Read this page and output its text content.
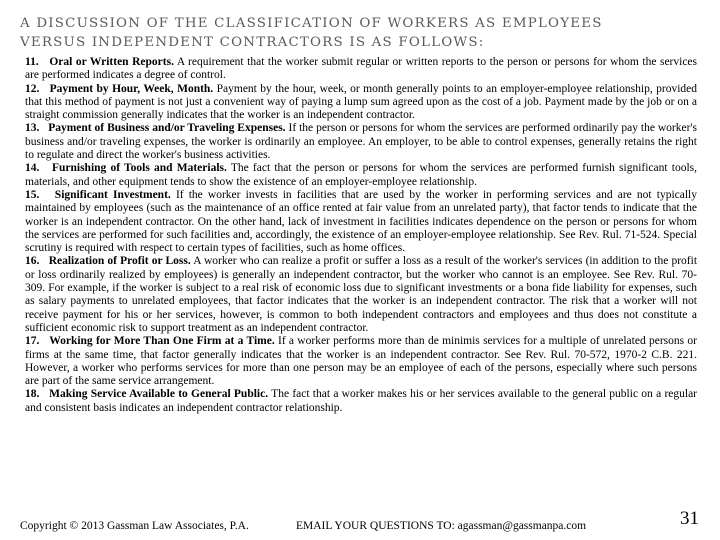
A DISCUSSION OF THE CLASSIFICATION OF WORKERS AS EMPLOYEES
VERSUS INDEPENDENT CONTRACTORS IS AS FOLLOWS:

11. Oral or Written Reports. A requirement that the worker submit regular or written reports to the person or persons for whom the services are performed indicates a degree of control.

12. Payment by Hour, Week, Month. Payment by the hour, week, or month generally points to an employer-employee relationship, provided that this method of payment is not just a convenient way of paying a lump sum agreed upon as the cost of a job. Payment made by the job or on a straight commission generally indicates that the worker is an independent contractor.

13. Payment of Business and/or Traveling Expenses. If the person or persons for whom the services are performed ordinarily pay the worker's business and/or traveling expenses, the worker is ordinarily an employee. An employer, to be able to control expenses, generally retains the right to regulate and direct the worker's business activities.

14. Furnishing of Tools and Materials. The fact that the person or persons for whom the services are performed furnish significant tools, materials, and other equipment tends to show the existence of an employer-employee relationship.

15. Significant Investment. If the worker invests in facilities that are used by the worker in performing services and are not typically maintained by employees (such as the maintenance of an office rented at fair value from an unrelated party), that factor tends to indicate that the worker is an independent contractor. On the other hand, lack of investment in facilities indicates dependence on the person or persons for whom the services are performed for such facilities and, accordingly, the existence of an employer-employee relationship. See Rev. Rul. 71-524. Special scrutiny is required with respect to certain types of facilities, such as home offices.

16. Realization of Profit or Loss. A worker who can realize a profit or suffer a loss as a result of the worker's services (in addition to the profit or loss ordinarily realized by employees) is generally an independent contractor, but the worker who cannot is an employee. See Rev. Rul. 70-309. For example, if the worker is subject to a real risk of economic loss due to significant investments or a bona fide liability for expenses, such as salary payments to unrelated employees, that factor indicates that the worker is an independent contractor. The risk that a worker will not receive payment for his or her services, however, is common to both independent contractors and employees and thus does not constitute a sufficient economic risk to support treatment as an independent contractor.

17. Working for More Than One Firm at a Time. If a worker performs more than de minimis services for a multiple of unrelated persons or firms at the same time, that factor generally indicates that the worker is an independent contractor. See Rev. Rul. 70-572, 1970-2 C.B. 221. However, a worker who performs services for more than one person may be an employee of each of the persons, especially where such persons are part of the same service arrangement.

18. Making Service Available to General Public. The fact that a worker makes his or her services available to the general public on a regular and consistent basis indicates an independent contractor relationship.

Copyright © 2013 Gassman Law Associates, P.A.	EMAIL YOUR QUESTIONS TO: agassman@gassmanpa.com	31
